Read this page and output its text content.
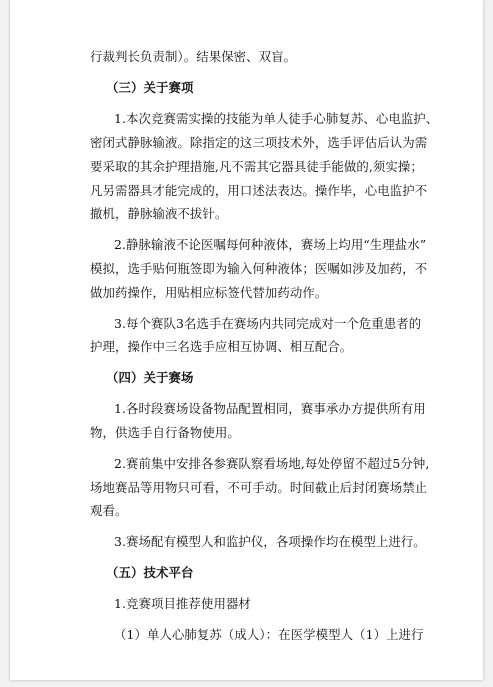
行裁判长负责制）。结果保密、双盲。
（三）关于赛项
1.本次竞赛需实操的技能为单人徒手心肺复苏、心电监护、
密闭式静脉输液。除指定的这三项技术外，选手评估后认为需
要采取的其余护理措施,凡不需其它器具徒手能做的,须实操；
凡另需器具才能完成的，用口述法表达。操作毕，心电监护不
撤机，静脉输液不拔针。
2.静脉输液不论医嘱每何种液体，赛场上均用“生理盐水”
模拟，选手贴何瓶签即为输入何种液体；医嘱如涉及加药，不
做加药操作，用贴相应标签代替加药动作。
3.每个赛队3名选手在赛场内共同完成对一个危重患者的
护理，操作中三名选手应相互协调、相互配合。
（四）关于赛场
1.各时段赛场设备物品配置相同，赛事承办方提供所有用
物，供选手自行备物使用。
2.赛前集中安排各参赛队察看场地,每处停留不超过5分钟,
场地赛品等用物只可看，不可手动。时间截止后封闭赛场禁止
观看。
3.赛场配有模型人和监护仪，各项操作均在模型上进行。
（五）技术平台
1.竞赛项目推荐使用器材
（1）单人心肺复苏（成人）：在医学模型人（1）上进行
